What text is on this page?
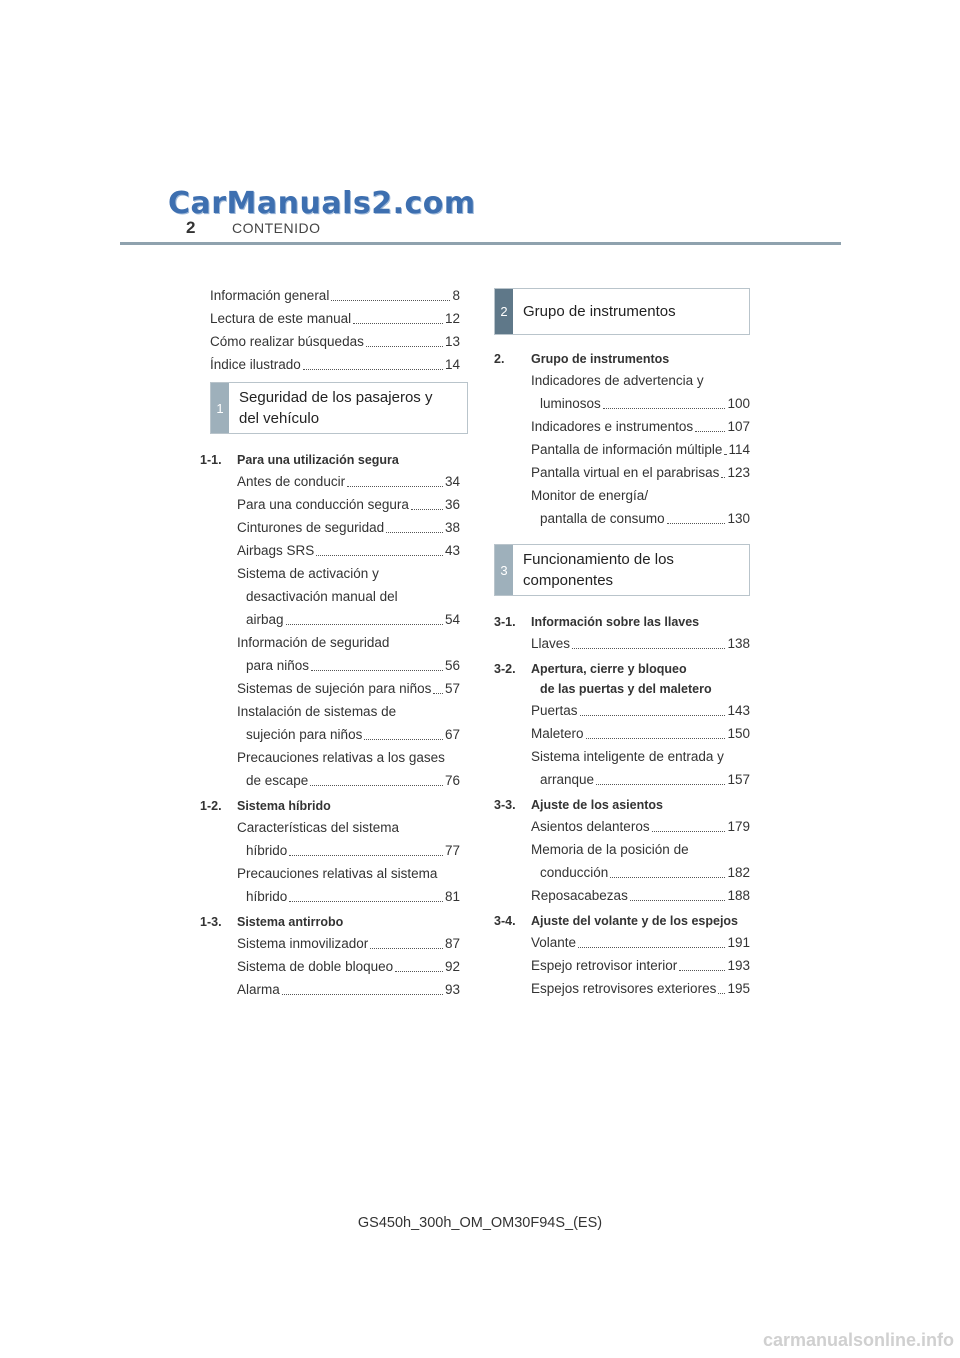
CarManuals2.com
2	CONTENIDO
Información general	8
Lectura de este manual	12
Cómo realizar búsquedas	13
Índice ilustrado	14
1
Seguridad de los pasajeros y
del vehículo
1-1.	Para una utilización segura
Antes de conducir	34
Para una conducción segura	36
Cinturones de seguridad	38
Airbags SRS	43
Sistema de activación y
desactivación manual del
airbag	54
Información de seguridad
para niños	56
Sistemas de sujeción para niños 57
Instalación de sistemas de
sujeción para niños	67
Precauciones relativas a los gases
de escape	76
1-2.	Sistema híbrido
Características del sistema
híbrido	77
Precauciones relativas al sistema
híbrido	81
1-3.	Sistema antirrobo
Sistema inmovilizador	87
Sistema de doble bloqueo	92
Alarma	93
2	Grupo de instrumentos
2.	Grupo de instrumentos
Indicadores de advertencia y
luminosos	100
Indicadores e instrumentos	107
Pantalla de información múltiple 114
Pantalla virtual en el parabrisas 123
Monitor de energía/
pantalla de consumo	130
3
Funcionamiento de los
componentes
3-1.	Información sobre las llaves
Llaves	138
3-2.	Apertura, cierre y bloqueo
de las puertas y del maletero
Puertas	143
Maletero	150
Sistema inteligente de entrada y
arranque	157
3-3.	Ajuste de los asientos
Asientos delanteros	179
Memoria de la posición de
conducción	182
Reposacabezas	188
3-4.	Ajuste del volante y de los espejos
Volante	191
Espejo retrovisor interior	193
Espejos retrovisores exteriores 195
GS450h_300h_OM_OM30F94S_(ES)
carmanualsonline.info
